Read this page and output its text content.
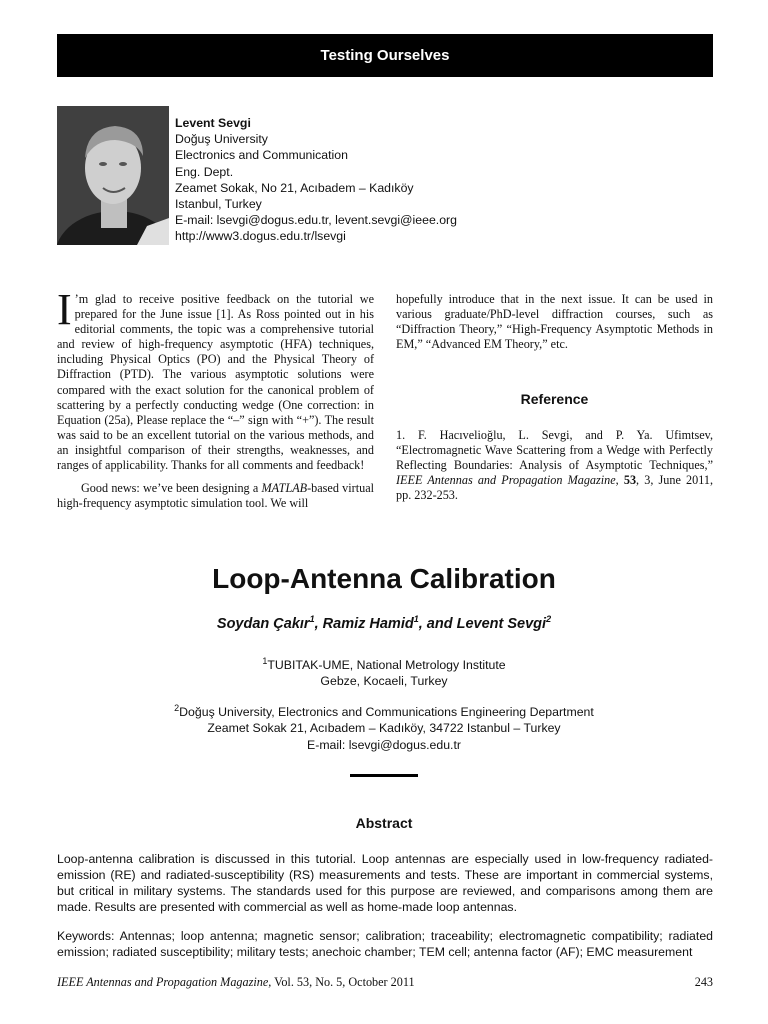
Testing Ourselves
Levent Sevgi
Doğuş University
Electronics and Communication
Eng. Dept.
Zeamet Sokak, No 21, Acıbadem – Kadıköy
Istanbul, Turkey
E-mail: lsevgi@dogus.edu.tr, levent.sevgi@ieee.org
http://www3.dogus.edu.tr/lsevgi

I ’m glad to receive positive feedback on the tutorial we prepared for the June issue [1]. As Ross pointed out in his editorial comments, the topic was a comprehensive tutorial and review of high-frequency asymptotic (HFA) techniques, including Physical Optics (PO) and the Physical Theory of Diffraction (PTD). The various asymptotic solutions were compared with the exact solution for the canonical problem of scattering by a perfectly conducting wedge (One correction: in Equation (25a), Please replace the “–” sign with “+”). The result was said to be an excellent tutorial on the various methods, and an insightful comparison of their strengths, weaknesses, and ranges of applicability. Thanks for all comments and feedback!

Good news: we’ve been designing a MATLAB-based virtual high-frequency asymptotic simulation tool. We will

hopefully introduce that in the next issue. It can be used in various graduate/PhD-level diffraction courses, such as “Diffraction Theory,” “High-Frequency Asymptotic Methods in EM,” “Advanced EM Theory,” etc.

Reference
1. F. Hacıvelioğlu, L. Sevgi, and P. Ya. Ufimtsev, “Electromagnetic Wave Scattering from a Wedge with Perfectly Reflecting Boundaries: Analysis of Asymptotic Techniques,” IEEE Antennas and Propagation Magazine, 53, 3, June 2011, pp. 232-253.
Loop-Antenna Calibration
Soydan Çakır$^1$, Ramiz Hamid$^1$, and Levent Sevgi$^2$
$^1$TUBITAK-UME, National Metrology Institute
Gebze, Kocaeli, Turkey
$^2$Doğuş University, Electronics and Communications Engineering Department
Zeamet Sokak 21, Acıbadem – Kadıköy, 34722 Istanbul – Turkey
E-mail: lsevgi@dogus.edu.tr
Abstract
Loop-antenna calibration is discussed in this tutorial. Loop antennas are especially used in low-frequency radiated-emission (RE) and radiated-susceptibility (RS) measurements and tests. These are important in commercial systems, but critical in military systems. The standards used for this purpose are reviewed, and comparisons among them are made. Results are presented with commercial as well as home-made loop antennas.
Keywords: Antennas; loop antenna; magnetic sensor; calibration; traceability; electromagnetic compatibility; radiated emission; radiated susceptibility; military tests; anechoic chamber; TEM cell; antenna factor (AF); EMC measurement
IEEE Antennas and Propagation Magazine, Vol. 53, No. 5, October 2011	243
